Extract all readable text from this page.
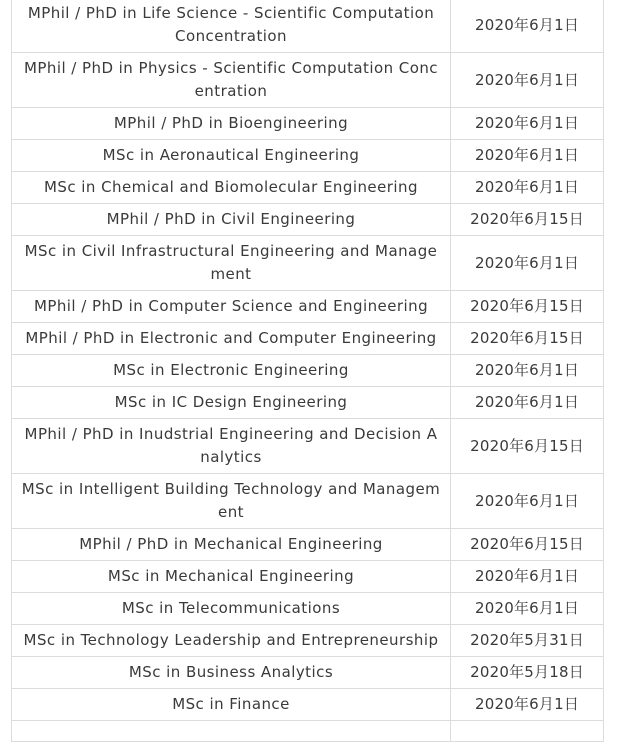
MPhil / PhD in Life Science - Scientific Computation Concentration	2020年6月1日
MPhil / PhD in Physics - Scientific Computation Concentration	2020年6月1日
MPhil / PhD in Bioengineering	2020年6月1日
MSc in Aeronautical Engineering	2020年6月1日
MSc in Chemical and Biomolecular Engineering	2020年6月1日
MPhil / PhD in Civil Engineering	2020年6月15日
MSc in Civil Infrastructural Engineering and Management	2020年6月1日
MPhil / PhD in Computer Science and Engineering	2020年6月15日
MPhil / PhD in Electronic and Computer Engineering	2020年6月15日
MSc in Electronic Engineering	2020年6月1日
MSc in IC Design Engineering	2020年6月1日
MPhil / PhD in Inudstrial Engineering and Decision Analytics	2020年6月15日
MSc in Intelligent Building Technology and Management	2020年6月1日
MPhil / PhD in Mechanical Engineering	2020年6月15日
MSc in Mechanical Engineering	2020年6月1日
MSc in Telecommunications	2020年6月1日
MSc in Technology Leadership and Entrepreneurship	2020年5月31日
MSc in Business Analytics	2020年5月18日
MSc in Finance	2020年6月1日
